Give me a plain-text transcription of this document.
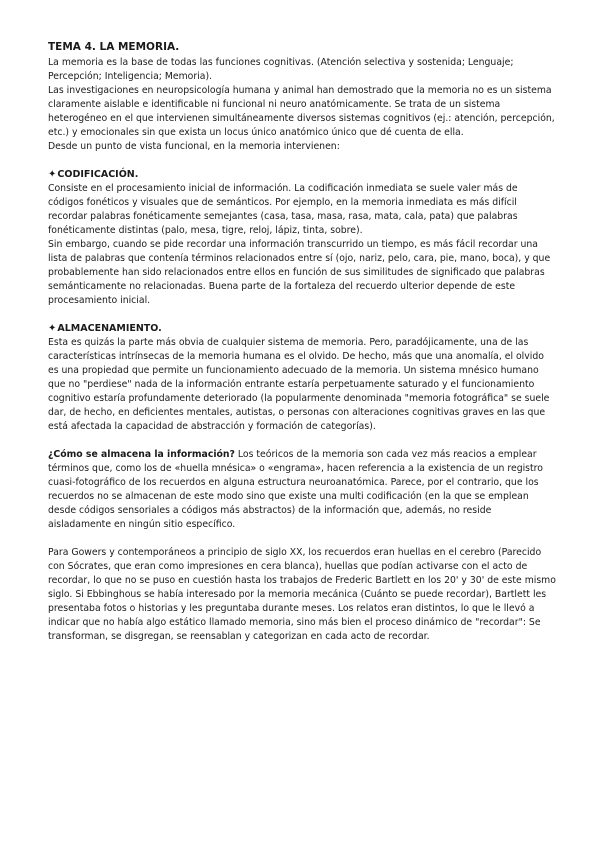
TEMA 4. LA MEMORIA.

La memoria es la base de todas las funciones cognitivas. (Atención selectiva y sostenida; Lenguaje; Percepción; Inteligencia; Memoria).

Las investigaciones en neuropsicología humana y animal han demostrado que la memoria no es un sistema claramente aislable e identificable ni funcional ni neuro anatómicamente. Se trata de un sistema heterogéneo en el que intervienen simultáneamente diversos sistemas cognitivos (ej.: atención, percepción, etc.) y emocionales sin que exista un locus único anatómico único que dé cuenta de ella.

Desde un punto de vista funcional, en la memoria intervienen:

✦ CODIFICACIÓN.

Consiste en el procesamiento inicial de información. La codificación inmediata se suele valer más de códigos fonéticos y visuales que de semánticos. Por ejemplo, en la memoria inmediata es más difícil recordar palabras fonéticamente semejantes (casa, tasa, masa, rasa, mata, cala, pata) que palabras fonéticamente distintas (palo, mesa, tigre, reloj, lápiz, tinta, sobre).

Sin embargo, cuando se pide recordar una información transcurrido un tiempo, es más fácil recordar una lista de palabras que contenía términos relacionados entre sí (ojo, nariz, pelo, cara, pie, mano, boca), y que probablemente han sido relacionados entre ellos en función de sus similitudes de significado que palabras semánticamente no relacionadas. Buena parte de la fortaleza del recuerdo ulterior depende de este procesamiento inicial.

✦ ALMACENAMIENTO.

Esta es quizás la parte más obvia de cualquier sistema de memoria. Pero, paradójicamente, una de las características intrínsecas de la memoria humana es el olvido. De hecho, más que una anomalía, el olvido es una propiedad que permite un funcionamiento adecuado de la memoria. Un sistema mnésico humano que no "perdiese" nada de la información entrante estaría perpetuamente saturado y el funcionamiento cognitivo estaría profundamente deteriorado (la popularmente denominada "memoria fotográfica" se suele dar, de hecho, en deficientes mentales, autistas, o personas con alteraciones cognitivas graves en las que está afectada la capacidad de abstracción y formación de categorías).

¿Cómo se almacena la información? Los teóricos de la memoria son cada vez más reacios a emplear términos que, como los de «huella mnésica» o «engrama», hacen referencia a la existencia de un registro cuasi-fotográfico de los recuerdos en alguna estructura neuroanatómica. Parece, por el contrario, que los recuerdos no se almacenan de este modo sino que existe una multi codificación (en la que se emplean desde códigos sensoriales a códigos más abstractos) de la información que, además, no reside aisladamente en ningún sitio específico.

Para Gowers y contemporáneos a principio de siglo XX, los recuerdos eran huellas en el cerebro (Parecido con Sócrates, que eran como impresiones en cera blanca), huellas que podían activarse con el acto de recordar, lo que no se puso en cuestión hasta los trabajos de Frederic Bartlett en los 20' y 30' de este mismo siglo. Si Ebbinghous se había interesado por la memoria mecánica (Cuánto se puede recordar), Bartlett les presentaba fotos o historias y les preguntaba durante meses. Los relatos eran distintos, lo que le llevó a indicar que no había algo estático llamado memoria, sino más bien el proceso dinámico de "recordar": Se transforman, se disgregan, se reensablan y categorizan en cada acto de recordar.
